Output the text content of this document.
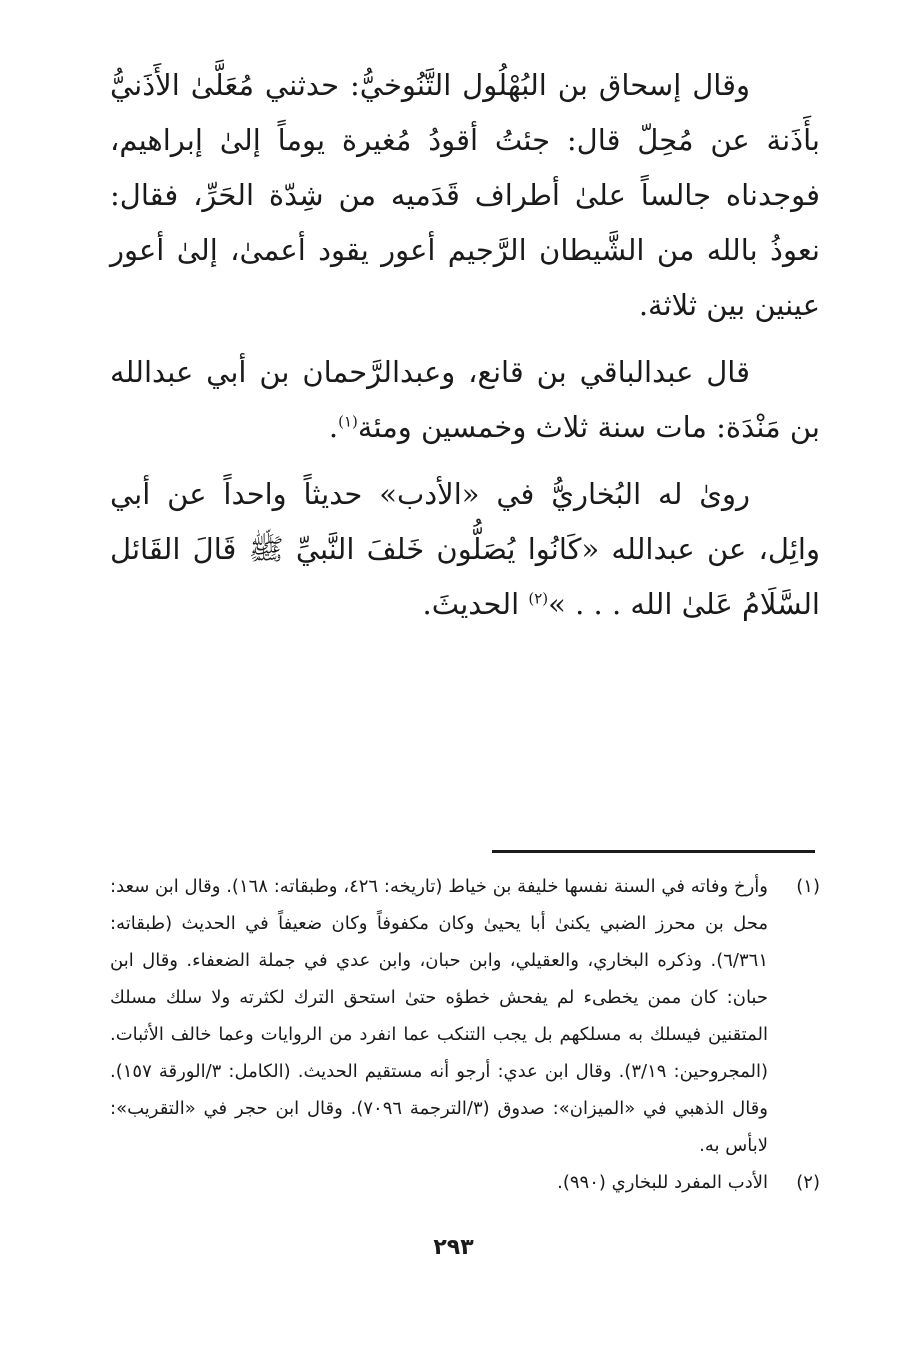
وقال إسحاق بن البُهْلُول التَّنُوخيُّ: حدثني مُعَلَّىٰ الأَذَنيُّ بأَذَنة عن مُحِلّ قال: جئتُ أقودُ مُغيرة يوماً إلىٰ إبراهيم، فوجدناه جالساً علىٰ أطراف قَدَميه من شِدّة الحَرِّ، فقال: نعوذُ بالله من الشَّيطان الرَّجيم أعور يقود أعمىٰ، إلىٰ أعور عينين بين ثلاثة.

قال عبدالباقي بن قانع، وعبدالرَّحمان بن أبي عبدالله بن مَنْدَة: مات سنة ثلاث وخمسين ومئة$^{(١)}$.

روىٰ له البُخاريُّ في «الأدب» حديثاً واحداً عن أبي وائِل، عن عبدالله «كَانُوا يُصَلُّون خَلفَ النَّبيِّ ﷺ قَالَ القَائل السَّلَامُ عَلىٰ الله . . . »$^{(٢)}$ الحديثَ.

(١)
وأرخ وفاته في السنة نفسها خليفة بن خياط (تاريخه: ٤٢٦، وطبقاته: ١٦٨). وقال ابن سعد: محل بن محرز الضبي يكنىٰ أبا يحيىٰ وكان مكفوفاً وكان ضعيفاً في الحديث (طبقاته: ٦/٣٦١). وذكره البخاري، والعقيلي، وابن حبان، وابن عدي في جملة الضعفاء. وقال ابن حبان: كان ممن يخطىء لم يفحش خطؤه حتىٰ استحق الترك لكثرته ولا سلك مسلك المتقنين فيسلك به مسلكهم بل يجب التنكب عما انفرد من الروايات وعما خالف الأثبات. (المجروحين: ٣/١٩). وقال ابن عدي: أرجو أنه مستقيم الحديث. (الكامل: ٣/الورقة ١٥٧). وقال الذهبي في «الميزان»: صدوق (٣/الترجمة ٧٠٩٦). وقال ابن حجر في «التقريب»: لابأس به.
(٢)
الأدب المفرد للبخاري (٩٩٠).
٢٩٣
